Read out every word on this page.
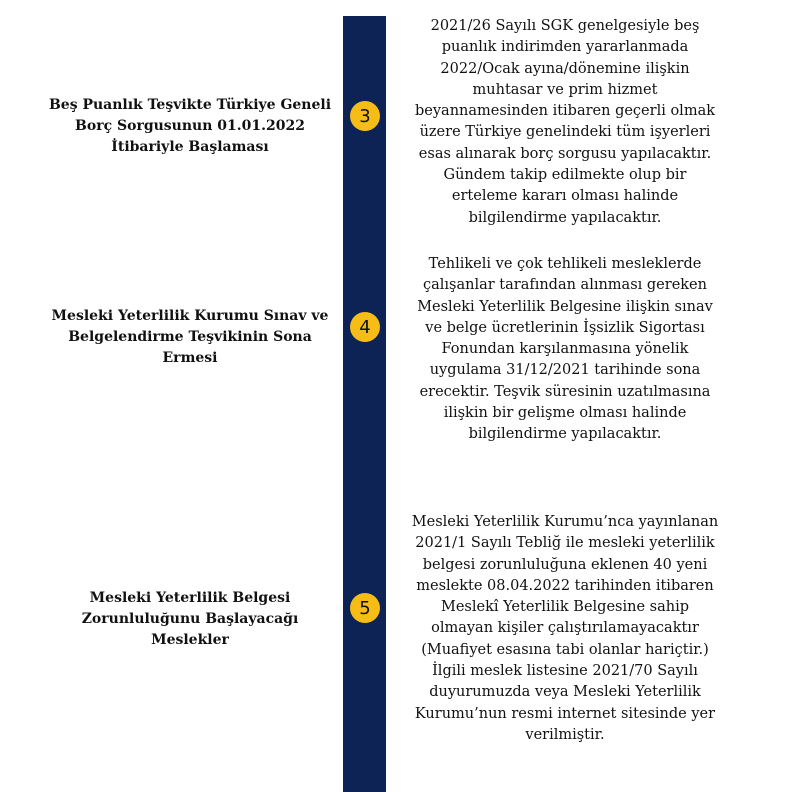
Beş Puanlık Teşvikte Türkiye Geneli
Borç Sorgusunun 01.01.2022
İtibariyle Başlaması
3
2021/26 Sayılı SGK genelgesiyle beş
puanlık indirimden yararlanmada
2022/Ocak ayına/dönemine ilişkin
muhtasar ve prim hizmet
beyannamesinden itibaren geçerli olmak
üzere Türkiye genelindeki tüm işyerleri
esas alınarak borç sorgusu yapılacaktır.
Gündem takip edilmekte olup bir
erteleme kararı olması halinde
bilgilendirme yapılacaktır.
Mesleki Yeterlilik Kurumu Sınav ve
Belgelendirme Teşvikinin Sona
Ermesi
4
Tehlikeli ve çok tehlikeli mesleklerde
çalışanlar tarafından alınması gereken
Mesleki Yeterlilik Belgesine ilişkin sınav
ve belge ücretlerinin İşsizlik Sigortası
Fonundan karşılanmasına yönelik
uygulama 31/12/2021 tarihinde sona
erecektir. Teşvik süresinin uzatılmasına
ilişkin bir gelişme olması halinde
bilgilendirme yapılacaktır.
Mesleki Yeterlilik Belgesi
Zorunluluğunu Başlayacağı
Meslekler
5
Mesleki Yeterlilik Kurumu’nca yayınlanan
2021/1 Sayılı Tebliğ ile mesleki yeterlilik
belgesi zorunluluğuna eklenen 40 yeni
meslekte 08.04.2022 tarihinden itibaren
Meslekî Yeterlilik Belgesine sahip
olmayan kişiler çalıştırılamayacaktır
(Muafiyet esasına tabi olanlar hariçtir.)
İlgili meslek listesine 2021/70 Sayılı
duyurumuzda veya Mesleki Yeterlilik
Kurumu’nun resmi internet sitesinde yer
verilmiştir.
